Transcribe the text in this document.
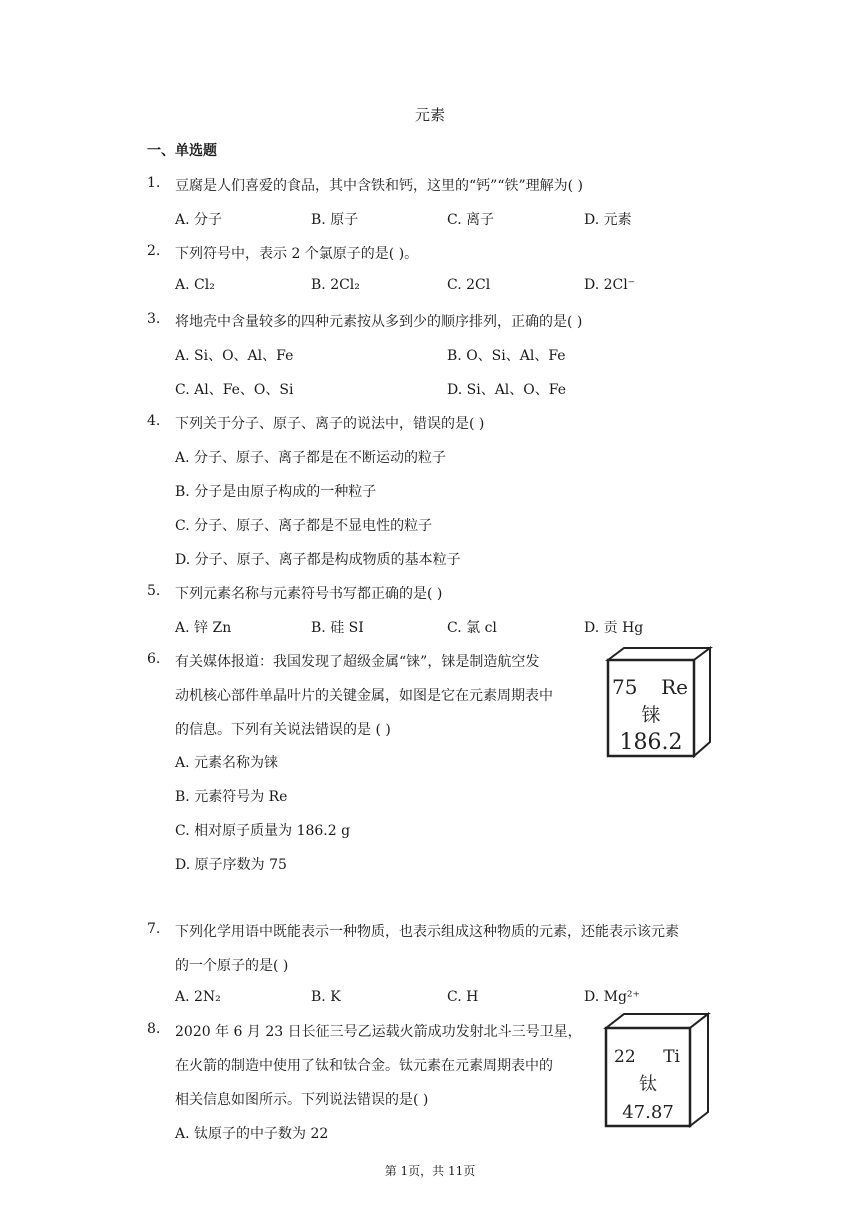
元素
一、单选题
1.	豆腐是人们喜爱的食品，其中含铁和钙，这里的“钙”“铁”理解为( )
A. 分子	B. 原子	C. 离子	D. 元素
2.	下列符号中，表示 2 个氯原子的是( )。
A. Cl₂	B. 2Cl₂	C. 2Cl	D. 2Cl⁻
3.	将地壳中含量较多的四种元素按从多到少的顺序排列，正确的是( )
A. Si、O、Al、Fe	B. O、Si、Al、Fe
C. Al、Fe、O、Si	D. Si、Al、O、Fe
4.	下列关于分子、原子、离子的说法中，错误的是( )
A. 分子、原子、离子都是在不断运动的粒子
B. 分子是由原子构成的一种粒子
C. 分子、原子、离子都是不显电性的粒子
D. 分子、原子、离子都是构成物质的基本粒子
5.	下列元素名称与元素符号书写都正确的是( )
A. 锌 Zn	B. 硅 SI	C. 氯 cl	D. 贡 Hg
6.	有关媒体报道：我国发现了超级金属“铼”，铼是制造航空发
动机核心部件单晶叶片的关键金属，如图是它在元素周期表中
的信息。下列有关说法错误的是 ( )
A. 元素名称为铼
B. 元素符号为 Re
C. 相对原子质量为 186.2 g
D. 原子序数为 75
75 Re
铼
186.2
7.	下列化学用语中既能表示一种物质，也表示组成这种物质的元素，还能表示该元素
的一个原子的是( )
A. 2N₂	B. K	C. H	D. Mg²⁺
8.	2020 年 6 月 23 日长征三号乙运载火箭成功发射北斗三号卫星，
在火箭的制造中使用了钛和钛合金。钛元素在元素周期表中的
相关信息如图所示。下列说法错误的是( )
A. 钛原子的中子数为 22
22 Ti
钛
47.87
第 1页，共 11页
